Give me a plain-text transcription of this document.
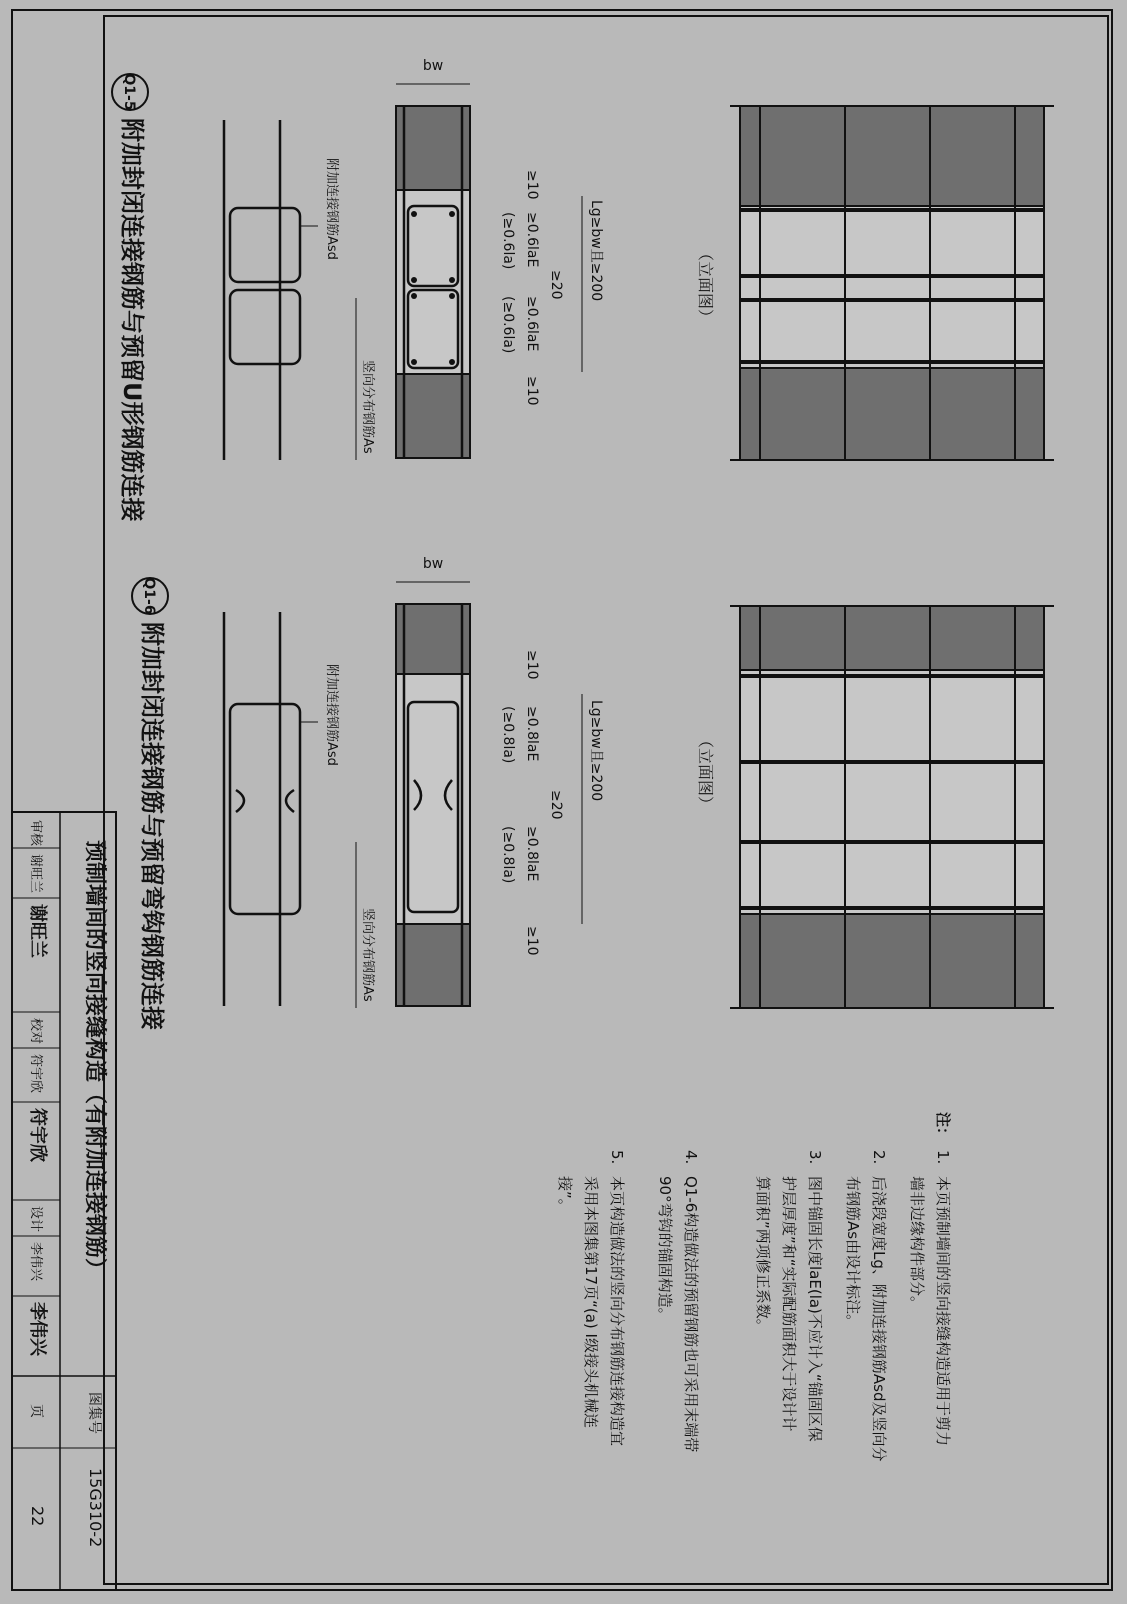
（立面图）
bw
≥10
≥0.6laE
(≥0.6la)
≥20
≥0.6laE
(≥0.6la)
≥10
Lg≥bw且≥200
竖向分布钢筋As
附加连接钢筋Asd
Q1-5
附加封闭连接钢筋与预留U形钢筋连接
（立面图）
bw
≥10
≥0.8laE
(≥0.8la)
≥20
≥0.8laE
(≥0.8la)
≥10
Lg≥bw且≥200
竖向分布钢筋As
附加连接钢筋Asd
Q1-6
附加封闭连接钢筋与预留弯钩钢筋连接
注：
1.
本页预制墙间的竖向接缝构造适用于剪力
墙非边缘构件部分。
2.
后浇段宽度Lg、附加连接钢筋Asd及竖向分
布钢筋As由设计标注。
3.
图中锚固长度laE(la)不应计入“锚固区保
护层厚度”和“实际配筋面积大于设计计
算面积”两项修正系数。
4.
Q1-6构造做法的预留钢筋也可采用末端带
90°弯钩的锚固构造。
5.
本页构造做法的竖向分布钢筋连接构造宜
采用本图集第17页“(a) I级接头机械连
接”。
预制墙间的竖向接缝构造（有附加连接钢筋）
图集号
15G310-2
审核
谢旺兰
谢旺兰
校对
符宇欣
符宇欣
设计
李伟兴
李伟兴
页
22
